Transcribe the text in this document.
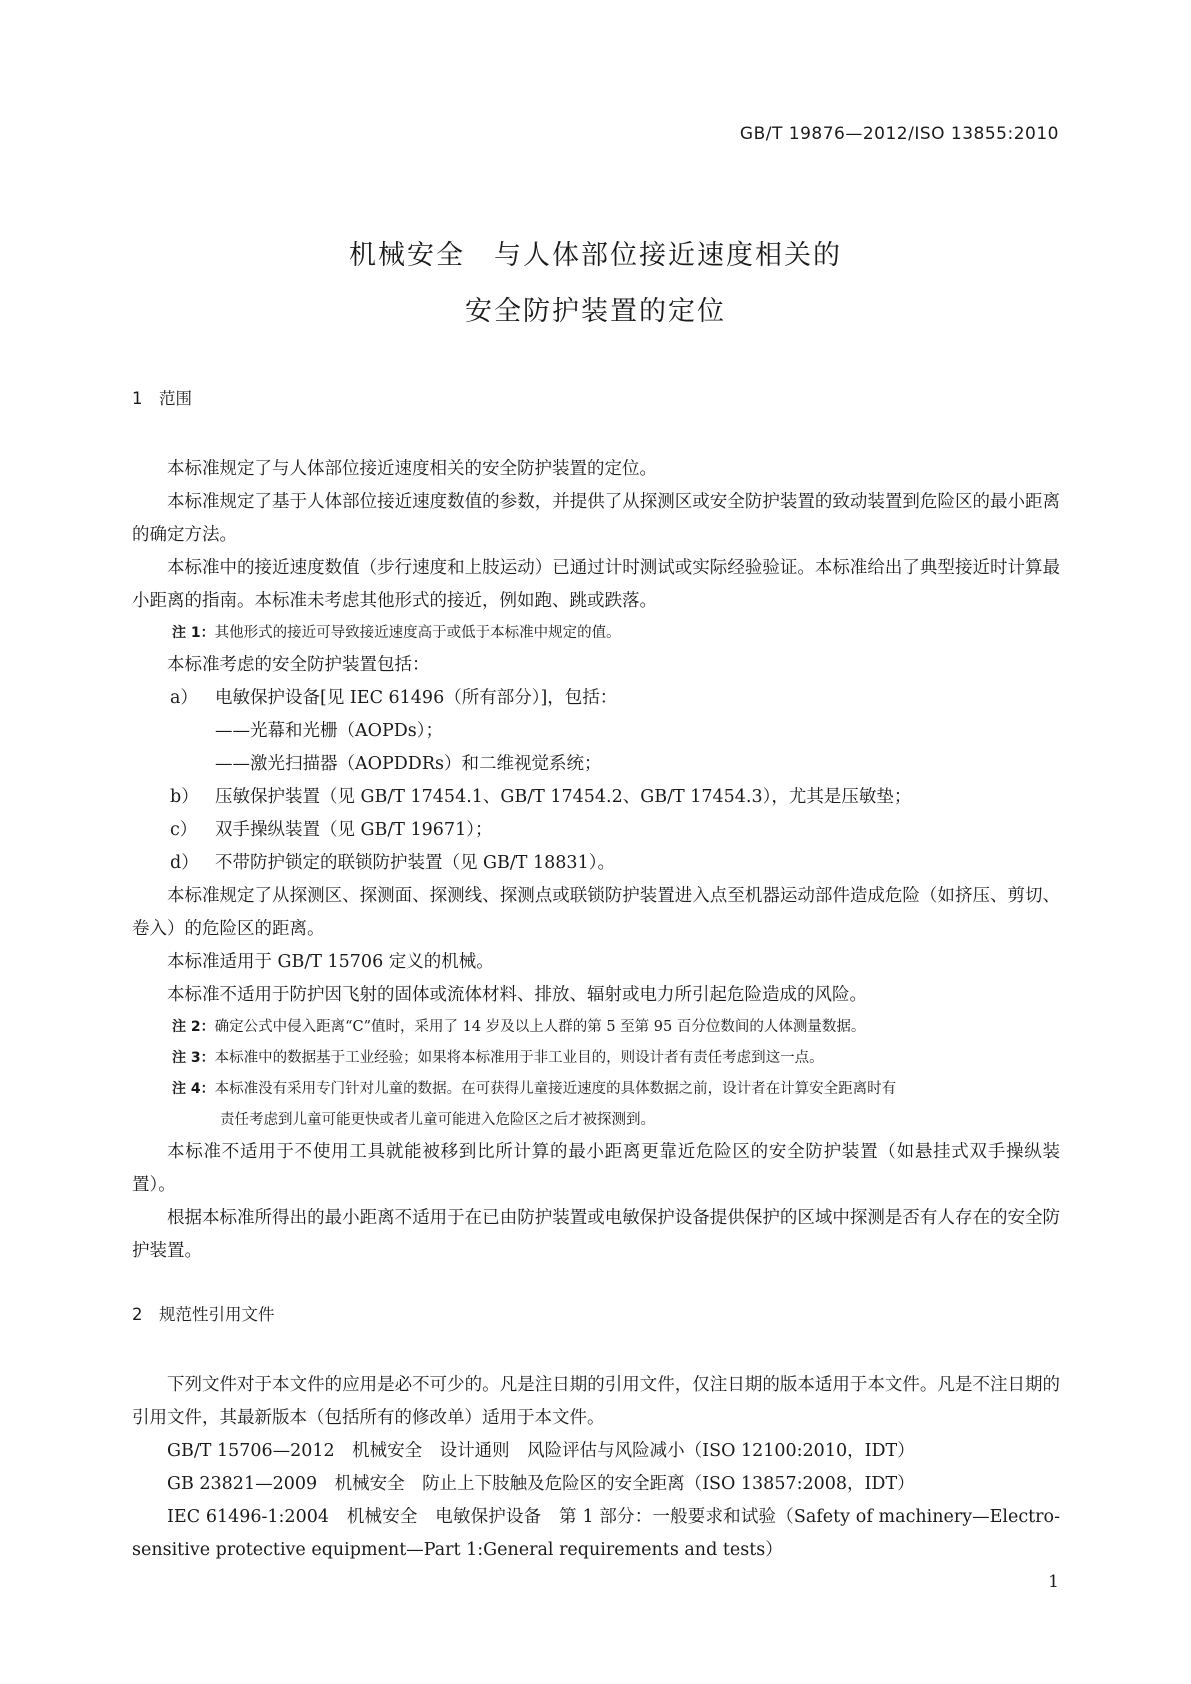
GB/T 19876—2012/ISO 13855:2010
机械安全　与人体部位接近速度相关的
安全防护装置的定位
1　范围

本标准规定了与人体部位接近速度相关的安全防护装置的定位。

本标准规定了基于人体部位接近速度数值的参数，并提供了从探测区或安全防护装置的致动装置到危险区的最小距离的确定方法。

本标准中的接近速度数值（步行速度和上肢运动）已通过计时测试或实际经验验证。本标准给出了典型接近时计算最小距离的指南。本标准未考虑其他形式的接近，例如跑、跳或跌落。

注 1：其他形式的接近可导致接近速度高于或低于本标准中规定的值。

本标准考虑的安全防护装置包括：

a） 电敏保护设备[见 IEC 61496（所有部分）]，包括：

——光幕和光栅（AOPDs）；

——激光扫描器（AOPDDRs）和二维视觉系统；

b） 压敏保护装置（见 GB/T 17454.1、GB/T 17454.2、GB/T 17454.3），尤其是压敏垫；

c） 双手操纵装置（见 GB/T 19671）；

d） 不带防护锁定的联锁防护装置（见 GB/T 18831）。

本标准规定了从探测区、探测面、探测线、探测点或联锁防护装置进入点至机器运动部件造成危险（如挤压、剪切、卷入）的危险区的距离。

本标准适用于 GB/T 15706 定义的机械。

本标准不适用于防护因飞射的固体或流体材料、排放、辐射或电力所引起危险造成的风险。

注 2：确定公式中侵入距离“C”值时，采用了 14 岁及以上人群的第 5 至第 95 百分位数间的人体测量数据。

注 3：本标准中的数据基于工业经验；如果将本标准用于非工业目的，则设计者有责任考虑到这一点。

注 4：本标准没有采用专门针对儿童的数据。在可获得儿童接近速度的具体数据之前，设计者在计算安全距离时有

责任考虑到儿童可能更快或者儿童可能进入危险区之后才被探测到。

本标准不适用于不使用工具就能被移到比所计算的最小距离更靠近危险区的安全防护装置（如悬挂式双手操纵装置）。

根据本标准所得出的最小距离不适用于在已由防护装置或电敏保护设备提供保护的区域中探测是否有人存在的安全防护装置。

2　规范性引用文件

下列文件对于本文件的应用是必不可少的。凡是注日期的引用文件，仅注日期的版本适用于本文件。凡是不注日期的引用文件，其最新版本（包括所有的修改单）适用于本文件。

GB/T 15706—2012　机械安全　设计通则　风险评估与风险减小（ISO 12100:2010，IDT）

GB 23821—2009　机械安全　防止上下肢触及危险区的安全距离（ISO 13857:2008，IDT）

IEC 61496-1:2004　机械安全　电敏保护设备　第 1 部分：一般要求和试验（Safety of machinery—Electro-sensitive protective equipment—Part 1:General requirements and tests）

1
